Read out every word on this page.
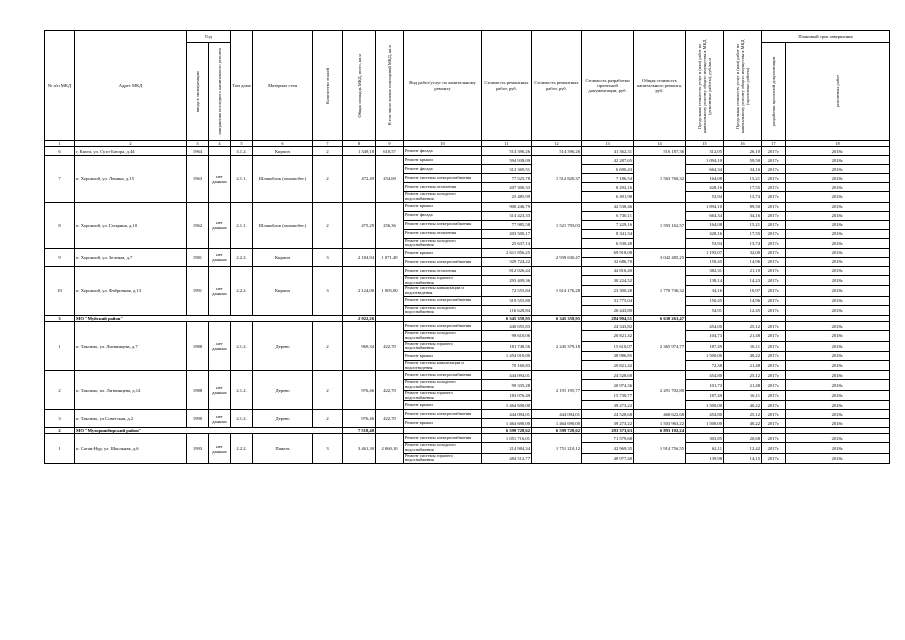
№ п/п МКД	Адрес МКД	Год		Тип дома	Материал стен	Количество этажей	Общая площадь МКД, всего, кв.м	В том числе жилых помещений МКД, кв.м	Вид работ/услуг по капитальному ремонту	Стоимость ремонтных работ, руб.	Стоимость ремонтных работ, руб.	Стоимость разработки проектной документации, руб.	Общая стоимость капитального ремонта, руб.	Предельная стоимость услуг и (или) работ по капитальному ремонту общего имущества в МКД (ремонтные работы), руб./кв.м	Предельная стоимость услуг и (или) работ по капитальному ремонту общего имущества в МКД (проектные работы)	Плановый срок завершения	

		ввода в эксплуатацию	завершения последнего капитального ремонта													разработки проектной документации	ремонтных работ

1	2	3	4	5	6	7	8	9	10	11	12	13	14	15	16	17	18
6	г. Кяхта, ул. Сухэ-Батора, д.44	1964		3.1.2.	Кирпич	2	1 349,18	618,57	Ремонт фасада	514 396,26	514 396,26	41 362,31	516 187,36	312,05	26,10	2017г.	2018г.
7	п. Хоронхой, ул. Ленина, д.15	1963	нет данных	2.1.1.	Шлакоблок (опилкобет.)	2	472,49	254,69	Ремонт крыши	594 938,09	1 512 820,37	42 287,65	1 563 760,32	1 094,10	59,50	2017г.	2018г.
									Ремонт фасада	312 369,51		6 690,43		664,34	34,16	2017г.	2018г.
									Ремонт системы электроснабжения	77 525,78		7 186,54		164,08	15,21	2017г.	2018г.
									Ремонт системы отопления	207 300,33		8 292,16		428,16	17,55	2017г.	2018г.
									Ремонт системы холодного водоснабжения	25 485,99		6 491,98		53,94	13,74	2017г.	2018г.
8	п. Хоронхой, ул. Гагарина, д.10	1962	нет данных	2.1.1.	Шлакоблок (опилкобет.)	2	475,29	256,36	Ремонт крыши	900 246,79	1 521 793,03	42 538,46	1 593 162,57	1 894,10	89,50	2017г.	2018г.
									Ремонт фасада	314 423,33		6 730,11		664,34	34,16	2017г.	2018г.
									Ремонт системы электроснабжения	77 985,58		7 229,16		164,08	15,21	2017г.	2018г.
									Ремонт системы отопления	203 500,17		8 341,34		428,16	17,55	2017г.	2018г.
									Ремонт системы холодного водоснабжения	25 637,14		6 530,48		53,94	13,74	2017г.	2018г.
9	п. Хоронхой, ул. Зеленая, д.7	1981	нет данных	2.2.2.	Кирпич	3	2 184,94	1 071,49	Ремонт крыши	2 611 856,25	2 939 630,47	69 918,08	3 042 485,25	1 195,07	32,00	2017г.	2018г.
									Ремонт системы электроснабжения	329 724,22		32 686,70		150,45	14,96	2017г.	2018г.
10	п. Хоронхой, ул. Фабричная, д.13	1991	нет данных	2.2.2.	Кирпич	3	2 124,00	1 005,00	Ремонт системы отопления	812 026,44	1 614 176,28	44 816,40	1 770 736,32	382,31	21,10	2017г.	2018г.
									Ремонт системы горячего водоснабжения	293 409,36		30 224,52		138,14	14,23	2017г.	2018г.
									Ремонт системы канализации и водоотведения	72 555,84		23 300,28		34,16	10,97	2017г.	2018г.
									Ремонт системы электроснабжения	319 555,80		31 775,04		150,45	14,96	2017г.	2018г.
									Ремонт системы холодного водоснабжения	116 628,84		26 443,80		54,91	12,45	2017г.	2018г.
3	МО "Муйский район"						2 922,26			6 345 358,95	6 345 358,95	284 904,51	6 630 263,47				
1	п. Таксимо, ул. Литвинцева, д.7	1988	нет данных	2.1.2.	Дерево	2	969,34	422,70	Ремонт системы электроснабжения	440 055,83	2 245 379,18	24 343,82	2 365 974,77	454,00	25,12	2017г.	2018г.
									Ремонт системы холодного водоснабжения	98 610,06		20 821,42		104,73	21,48	2017г.	2018г.
									Ремонт системы горячего водоснабжения	181 748,56		15 610,07		187,49	16,11	2017г.	2018г.
									Ремонт крыши	1 454 010,00		38 986,85		1 500,00	40,22	2017г.	2018г.
									Ремонт системы канализации и водоотведения	70 160,83		20 821,42		72,38	21,48	2017г.	2018г.
2	п. Таксимо, пл. Литвинцева, д.14	1988	нет данных	2.1.2.	Дерево	2	976,46	422,70	Ремонт системы электроснабжения	444 094,01	2 191 195,77	24 528,68	2 291 702,80	454,80	25,12	2017г.	2018г.
									Ремонт системы холодного водоснабжения	99 335,28		20 974,36		101,73	21,48	2017г.	2018г.
									Ремонт системы горячего водоснабжения	183 076,49		15 730,77		187,49	16,11	2017г.	2018г.
									Ремонт крыши	1 464 690,00		39 273,22		1 500,00	40,22	2017г.	2018г.
3	п. Таксимо, ул.Советская, д.2	1990	нет данных	2.1.2.	Дерево	2	976,46	422,70	Ремонт системы электроснабжения	444 094,01	444 094,01	24 528,68	468 622,68	454,80	25,12	2017г.	2018г.
									Ремонт крыши	1 464 690,00	1 464 690,00	39 273,22	1 503 963,22	1 500,00	40,22	2017г.	2018г.
2	МО "Мухоршибирский район"						7 518,40			6 599 728,62	6 599 728,62	293 373,63	6 893 102,24				
1	п. Саган-Нур, ул. Школьная, д.6	1993	нет данных	2.2.2.	Панель	3	3 461,30	2 060,10	Ремонт системы электроснабжения	1 051 716,01	1 751 210,12	71 579,68	1 914 756,55	303,85	20,68	2017г.	2018г.
									Ремонт системы холодного водоснабжения	214 984,34		42 969,35		62,11	12,42	2017г.	2018г.
									Ремонт системы горячего водоснабжения	484 512,77		48 977,40		139,98	14,15	2017г.	2018г.
